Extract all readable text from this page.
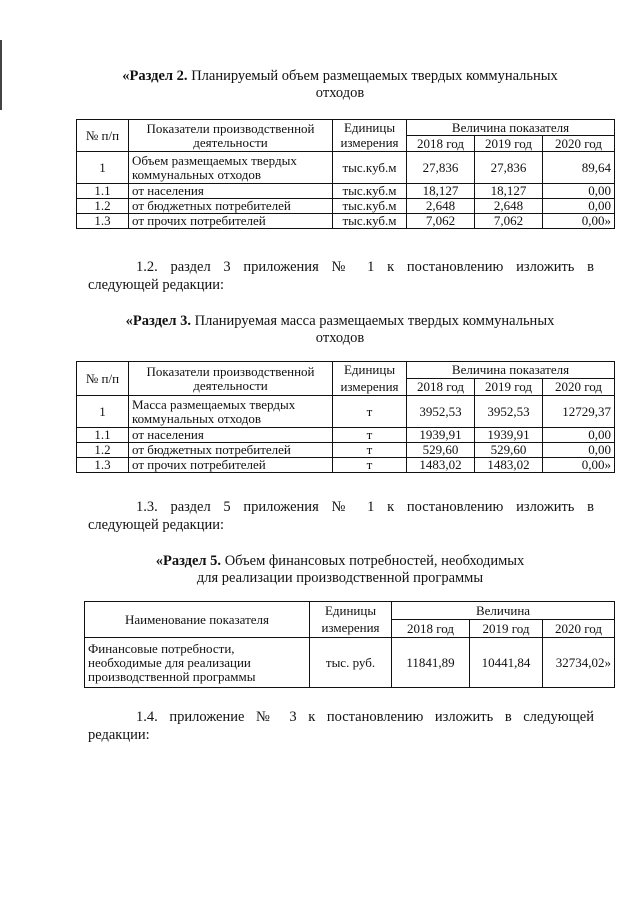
«Раздел 2. Планируемый объем размещаемых твердых коммунальных
отходов
№ п/п	Показатели производственной деятельности	Единицы	Величина показателя		
		измерения	2018 год	2019 год	2020 год
1	Объем размещаемых твердых коммунальных отходов	тыс.куб.м	27,836	27,836	89,64
1.1	от населения	тыс.куб.м	18,127	18,127	0,00
1.2	от бюджетных потребителей	тыс.куб.м	2,648	2,648	0,00
1.3	от прочих потребителей	тыс.куб.м	7,062	7,062	0,00»
1.2. раздел 3 приложения № 1 к постановлению изложить в
следующей редакции:
«Раздел 3. Планируемая масса размещаемых твердых коммунальных
отходов
№ п/п	Показатели производственной деятельности	Единицы	Величина показателя		
		измерения	2018 год	2019 год	2020 год
1	Масса размещаемых твердых коммунальных отходов	т	3952,53	3952,53	12729,37
1.1	от населения	т	1939,91	1939,91	0,00
1.2	от бюджетных потребителей	т	529,60	529,60	0,00
1.3	от прочих потребителей	т	1483,02	1483,02	0,00»
1.3. раздел 5 приложения № 1 к постановлению изложить в
следующей редакции:
«Раздел 5. Объем финансовых потребностей, необходимых
для реализации производственной программы
Наименование показателя	Единицы	Величина		
	измерения	2018 год	2019 год	2020 год
Финансовые потребности, необходимые для реализации производственной программы	тыс. руб.	11841,89	10441,84	32734,02»
1.4. приложение № 3 к постановлению изложить в следующей
редакции:
